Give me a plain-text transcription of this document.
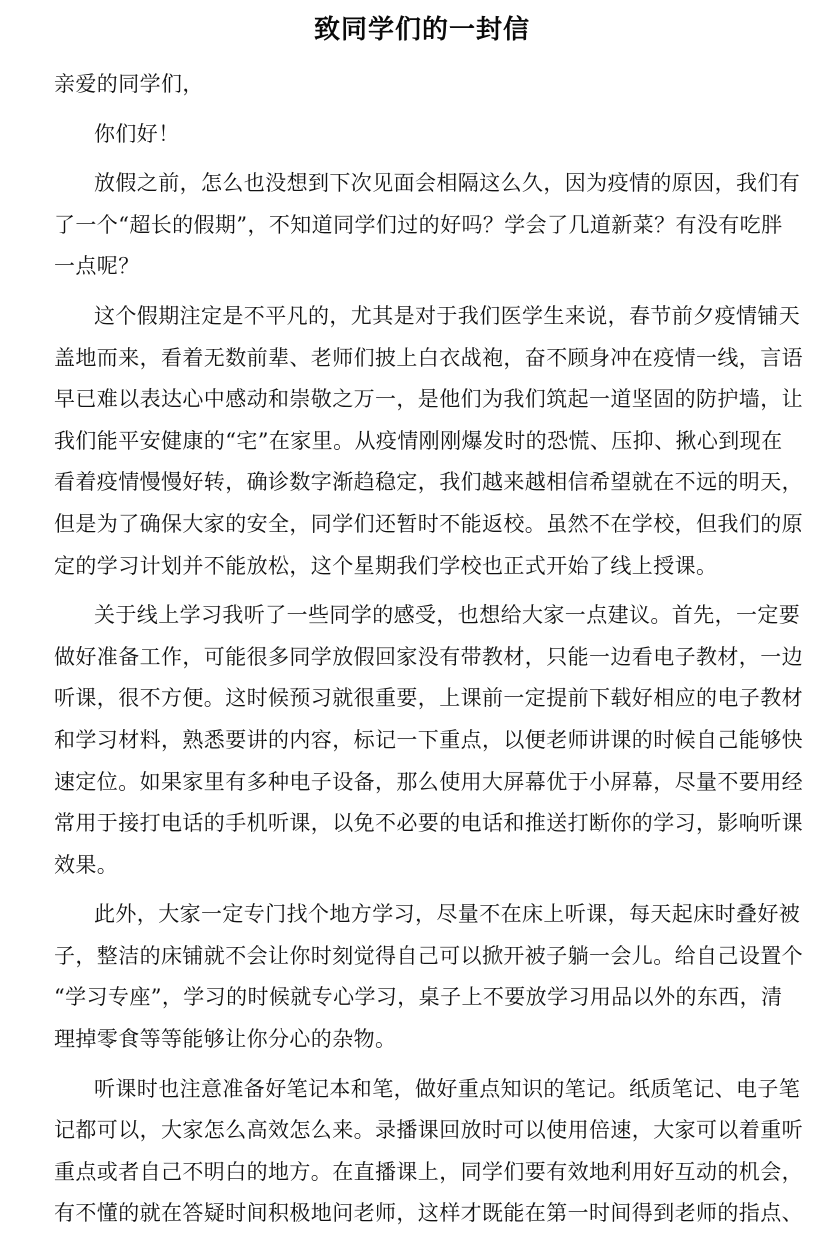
致同学们的一封信

亲爱的同学们，

你们好！

放假之前，怎么也没想到下次见面会相隔这么久，因为疫情的原因，我们有

了一个“超长的假期”，不知道同学们过的好吗？学会了几道新菜？有没有吃胖

一点呢？

这个假期注定是不平凡的，尤其是对于我们医学生来说，春节前夕疫情铺天

盖地而来，看着无数前辈、老师们披上白衣战袍，奋不顾身冲在疫情一线，言语

早已难以表达心中感动和崇敬之万一，是他们为我们筑起一道坚固的防护墙，让

我们能平安健康的“宅”在家里。从疫情刚刚爆发时的恐慌、压抑、揪心到现在

看着疫情慢慢好转，确诊数字渐趋稳定，我们越来越相信希望就在不远的明天，

但是为了确保大家的安全，同学们还暂时不能返校。虽然不在学校，但我们的原

定的学习计划并不能放松，这个星期我们学校也正式开始了线上授课。

关于线上学习我听了一些同学的感受，也想给大家一点建议。首先，一定要

做好准备工作，可能很多同学放假回家没有带教材，只能一边看电子教材，一边

听课，很不方便。这时候预习就很重要，上课前一定提前下载好相应的电子教材

和学习材料，熟悉要讲的内容，标记一下重点，以便老师讲课的时候自己能够快

速定位。如果家里有多种电子设备，那么使用大屏幕优于小屏幕，尽量不要用经

常用于接打电话的手机听课，以免不必要的电话和推送打断你的学习，影响听课

效果。

此外，大家一定专门找个地方学习，尽量不在床上听课，每天起床时叠好被

子，整洁的床铺就不会让你时刻觉得自己可以掀开被子躺一会儿。给自己设置个

“学习专座”，学习的时候就专心学习，桌子上不要放学习用品以外的东西，清

理掉零食等等能够让你分心的杂物。

听课时也注意准备好笔记本和笔，做好重点知识的笔记。纸质笔记、电子笔

记都可以，大家怎么高效怎么来。录播课回放时可以使用倍速，大家可以着重听

重点或者自己不明白的地方。在直播课上，同学们要有效地利用好互动的机会，

有不懂的就在答疑时间积极地问老师，这样才既能在第一时间得到老师的指点、
